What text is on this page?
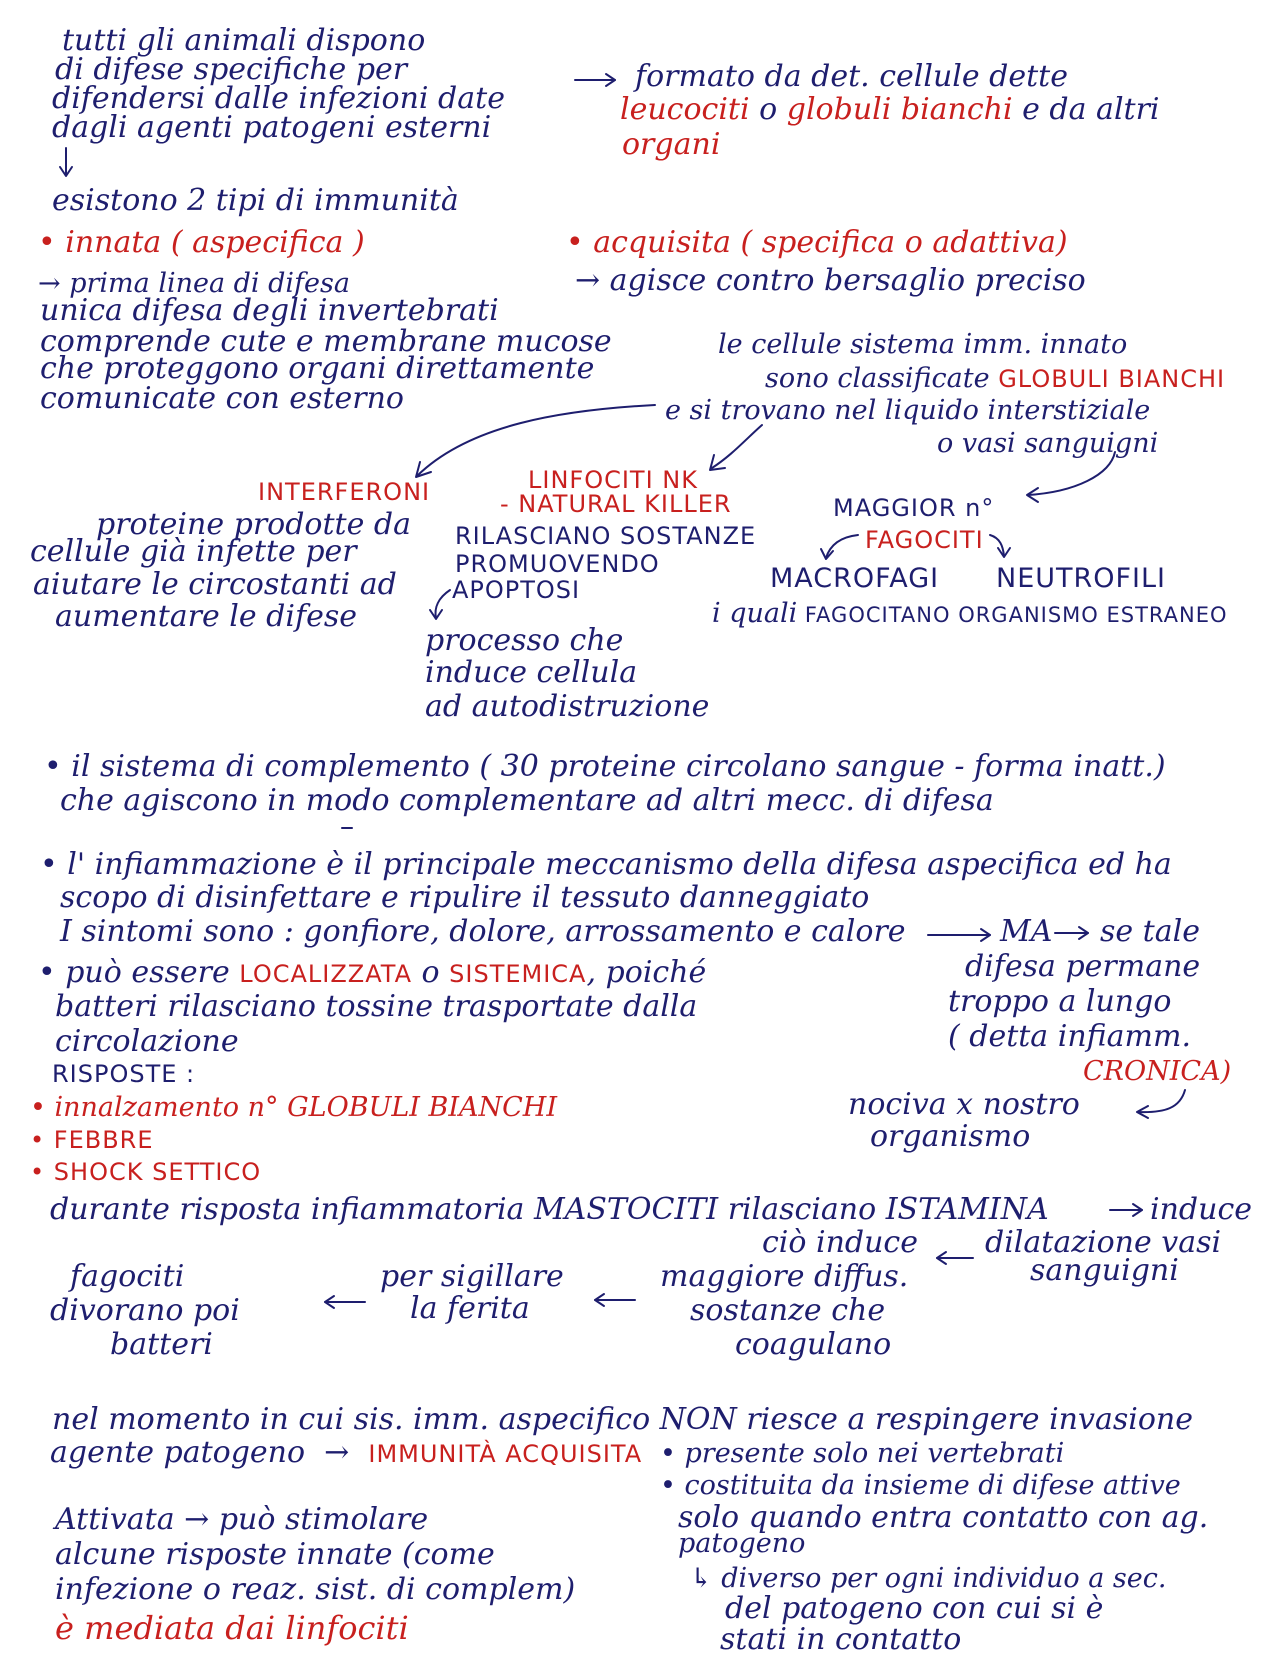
tutti gli animali dispono
di difese specifiche per
difendersi dalle infezioni date
dagli agenti patogeni esterni
formato da det. cellule dette
leucociti o globuli bianchi e da altri
organi
esistono 2 tipi di immunità
• innata ( aspecifica )
→ prima linea di difesa
unica difesa degli invertebrati
comprende cute e membrane mucose
che proteggono organi direttamente
comunicate con esterno
• acquisita ( specifica o adattiva)
→ agisce contro bersaglio preciso
le cellule sistema imm. innato
sono classificate GLOBULI BIANCHI
e si trovano nel liquido interstiziale
o vasi sanguigni
INTERFERONI
proteine prodotte da
cellule già infette per
aiutare le circostanti ad
aumentare le difese
LINFOCITI NK
- NATURAL KILLER
RILASCIANO SOSTANZE
PROMUOVENDO
APOPTOSI
processo che
induce cellula
ad autodistruzione
MAGGIOR n°
FAGOCITI
MACROFAGI NEUTROFILI
i quali FAGOCITANO ORGANISMO ESTRANEO
• il sistema di complemento ( 30 proteine circolano sangue - forma inatt.)
che agiscono in modo complementare ad altri mecc. di difesa
• l' infiammazione è il principale meccanismo della difesa aspecifica ed ha
scopo di disinfettare e ripulire il tessuto danneggiato
I sintomi sono : gonfiore, dolore, arrossamento e calore	MA se tale
difesa permane
troppo a lungo
( detta infiamm.
CRONICA)
nociva x nostro
organismo
• può essere LOCALIZZATA o SISTEMICA, poiché
batteri rilasciano tossine trasportate dalla
circolazione
RISPOSTE :
• innalzamento n° GLOBULI BIANCHI
• FEBBRE
• SHOCK SETTICO
durante risposta infiammatoria MASTOCITI rilasciano ISTAMINA	induce
dilatazione vasi
sanguigni
ciò induce
maggiore diffus.
sostanze che
coagulano
per sigillare
la ferita
fagociti
divorano poi
batteri
nel momento in cui sis. imm. aspecifico NON riesce a respingere invasione
agente patogeno  →  IMMUNITÀ ACQUISITA • presente solo nei vertebrati
• costituita da insieme di difese attive
solo quando entra contatto con ag.
patogeno
↳ diverso per ogni individuo a sec.
del patogeno con cui si è
stati in contatto
Attivata → può stimolare
alcune risposte innate (come
infezione o reaz. sist. di complem)
è mediata dai linfociti
